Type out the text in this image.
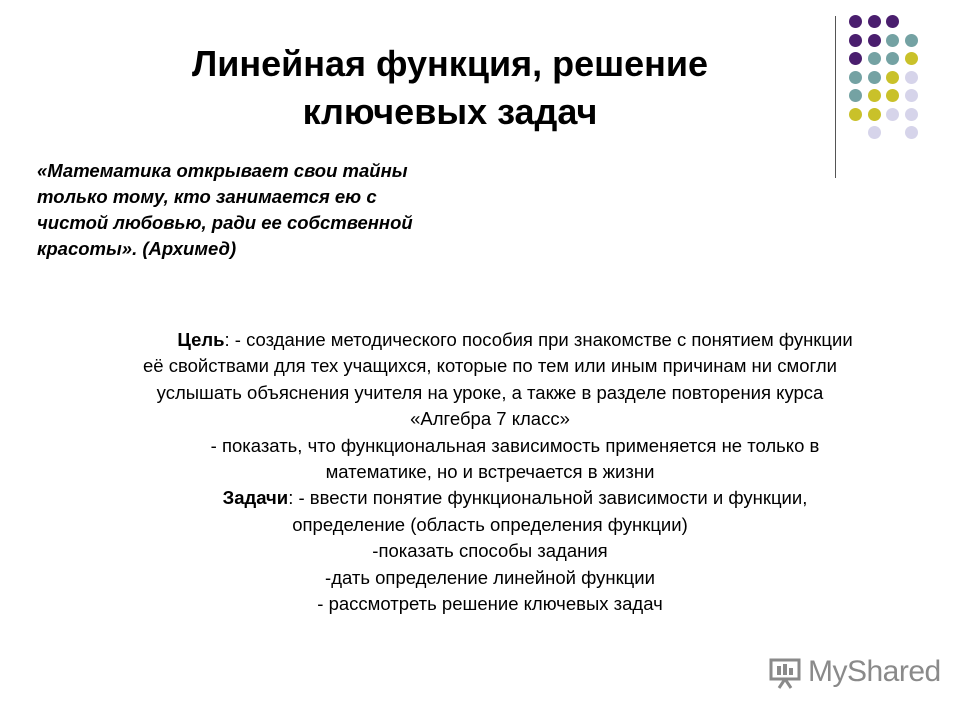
Линейная функция, решение
ключевых задач
«Математика открывает свои тайны
только тому, кто занимается ею с
чистой любовью, ради ее собственной
красоты». (Архимед)
Цель: - создание методического пособия при знакомстве с понятием функции
её свойствами для тех учащихся, которые по тем или иным причинам ни смогли
услышать объяснения учителя на уроке, а также в разделе повторения курса
«Алгебра 7 класс»
- показать, что функциональная зависимость применяется не только в
математике, но и встречается в жизни
Задачи: - ввести понятие функциональной зависимости и функции,
определение (область определения функции)
-показать способы задания
-дать определение линейной функции
- рассмотреть решение ключевых задач
MyShared
